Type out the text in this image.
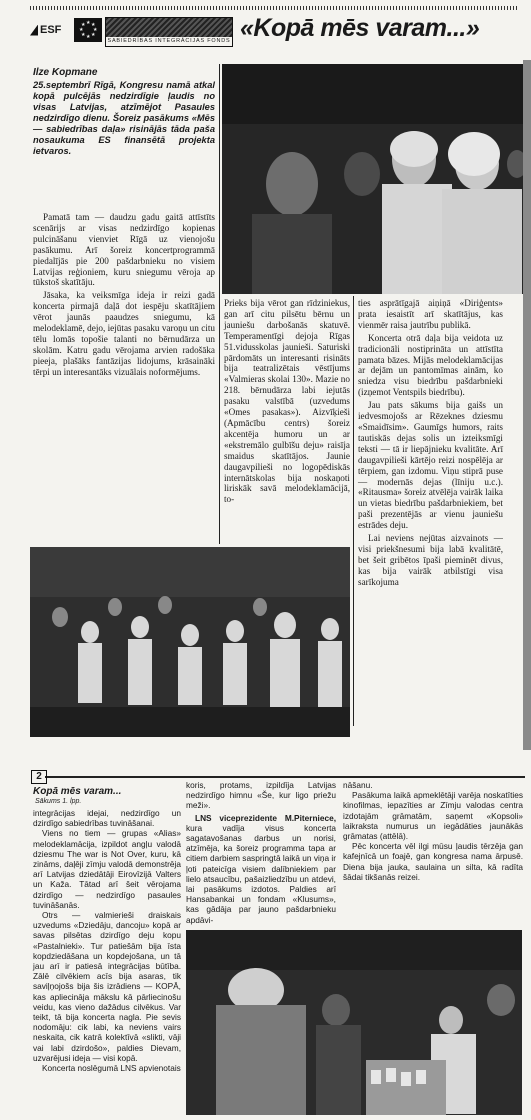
ESF
★ ★
★
★
★
★
★
★
SABIEDRĪBAS INTEGRĀCIJAS FONDS «Kopā mēs varam...»
Ilze Kopmane
25.septembrī Rīgā, Kongresu namā atkal kopā pulcējās nedzirdīgie ļaudis no visas Latvijas, atzīmējot Pasaules nedzirdīgo dienu. Šoreiz pasākums «Mēs — sabiedrības daļa» risinājās tāda paša nosaukuma ES finansētā projekta ietvaros.

Pamatā tam — daudzu gadu gaitā attīstīts scenārijs ar visas nedzirdīgo kopienas pulcināšanu vienviet Rīgā uz vienojošu pasākumu. Arī šoreiz koncertprogrammā piedalījās pie 200 pašdarbnieku no visiem Latvijas reģioniem, kuru sniegumu vēroja ap tūkstoš skatītāju.

Jāsaka, ka veiksmīga ideja ir reizi gadā koncerta pirmajā daļā dot iespēju skatītājiem vērot jaunās paaudzes sniegumu, kā melodeklamē, dejo, iejūtas pasaku varoņu un citu tēlu lomās topošie talanti no bērnudārza un skolām. Katru gadu vērojama arvien radošāka pieeja, plašāks fantāzijas lidojums, krāsaināki tērpi un interesantāks vizuālais noformējums.

Prieks bija vērot gan rīdziniekus, gan arī citu pilsētu bērnu un jauniešu darbošanās skatuvē. Temperamentīgi dejoja Rīgas 51.vidusskolas jaunieši. Saturiski pārdomāts un interesanti risināts bija teatralizētais vēstījums «Valmieras skolai 130». Mazie no 218. bērnudārza labi iejutās pasaku valstībā (uzvedums «Omes pasakas»). Aizvīķieši (Apmācību centrs) šoreiz akcentēja humoru un ar «ekstremālo gulbīšu deju» raisīja smaidus skatītājos. Jaunie daugavpilieši no logopēdiskās internātskolas bija noskaņoti liriskāk savā melodeklamācijā, to-

ties asprātīgajā aiņiņā «Diriģents» prata iesaistīt arī skatītājus, kas vienmēr raisa jautrību publikā.

Koncerta otrā daļa bija veidota uz tradicionāli nostiprināta un attīstīta pamata bāzes. Mijās melodeklamācijas ar dejām un pantomīmas ainām, ko sniedza visu biedrību pašdarbnieki (izņemot Ventspils biedrību).

Jau pats sākums bija gaišs un iedvesmojošs ar Rēzeknes dziesmu «Smaidīsim». Gaumīgs humors, raits tautiskās dejas solis un izteiksmīgi teksti — tā ir liepājnieku kvalitāte. Arī daugavpilieši kārtējo reizi nospēlēja ar tērpiem, gan izdomu. Viņu stiprā puse — modernās dejas (līniju u.c.). «Ritausma» šoreiz atvēlēja vairāk laika un vietas biedrību pašdarbniekiem, bet paši prezentējās ar vienu jauniešu estrādes deju.

Lai neviens nejūtas aizvainots — visi priekšnesumi bija labā kvalitātē, bet šeit gribētos īpaši pieminēt divus, kas bija vairāk atbilstīgi visa sarīkojuma

2
Kopā mēs varam...
Sākums 1. lpp.

integrācijas idejai, nedzirdīgo un dzirdīgo sabiedrības tuvināšanai.

Viens no tiem — grupas «Alias» melodeklamācija, izpildot angļu valodā dziesmu The war is Not Over, kuru, kā zināms, daļēji zīmju valodā demonstrēja arī Latvijas dziedātāji Eirovīzijā Valters un Kaža. Tātad arī šeit vērojama dzirdīgo — nedzirdīgo pasaules tuvināšanās.

Otrs — valmierieši draiskais uzvedums «Dziedāju, dancoju» kopā ar savas pilsētas dzirdīgo deju kopu «Pastalnieki». Tur patiešām bija īsta kopdziedāšana un kopdejošana, un tā jau arī ir patiesā integrācijas būtība. Zālē cilvēkiem acīs bija asaras, tik saviļņojošs bija šis izrādiens — KOPĀ, kas apliecināja mākslu kā pārliecinošu veidu, kas vieno dažādus cilvēkus. Var teikt, tā bija koncerta nagla. Pie sevis nodomāju: cik labi, ka neviens vairs neskaita, cik katrā kolektīvā «slikti, vāji vai labi dzirdošo», paldies Dievam, uzvarējusi ideja — visi kopā.

Koncerta noslēgumā LNS apvienotais

koris, protams, izpildīja Latvijas nedzirdīgo himnu «Še, kur ligo priežu meži».

LNS viceprezidente M.Piterniece, kura vadīja visus koncerta sagatavošanas darbus un norisi, atzīmēja, ka šoreiz programma tapa ar citiem darbiem saspringtā laikā un viņa ir ļoti pateicīga visiem dalībniekiem par lielo atsaucību, pašaizliedzību un atdevi, lai pasākums izdotos. Paldies arī Hansabankai un fondam «Klusums», kas gādāja par jauno pašdarbnieku apdāvi-

nāšanu.

Pasākuma laikā apmeklētāji varēja noskatīties kinofilmas, iepazīties ar Zīmju valodas centra izdotajām grāmatām, saņemt «Kopsoli» laikraksta numurus un iegādāties jaunākās grāmatas (attēlā).

Pēc koncerta vēl ilgi mūsu ļaudis tērzēja gan kafejnīcā un foajē, gan kongresa nama ārpusē. Diena bija jauka, saulaina un silta, kā radīta šādai tikšanās reizei.
